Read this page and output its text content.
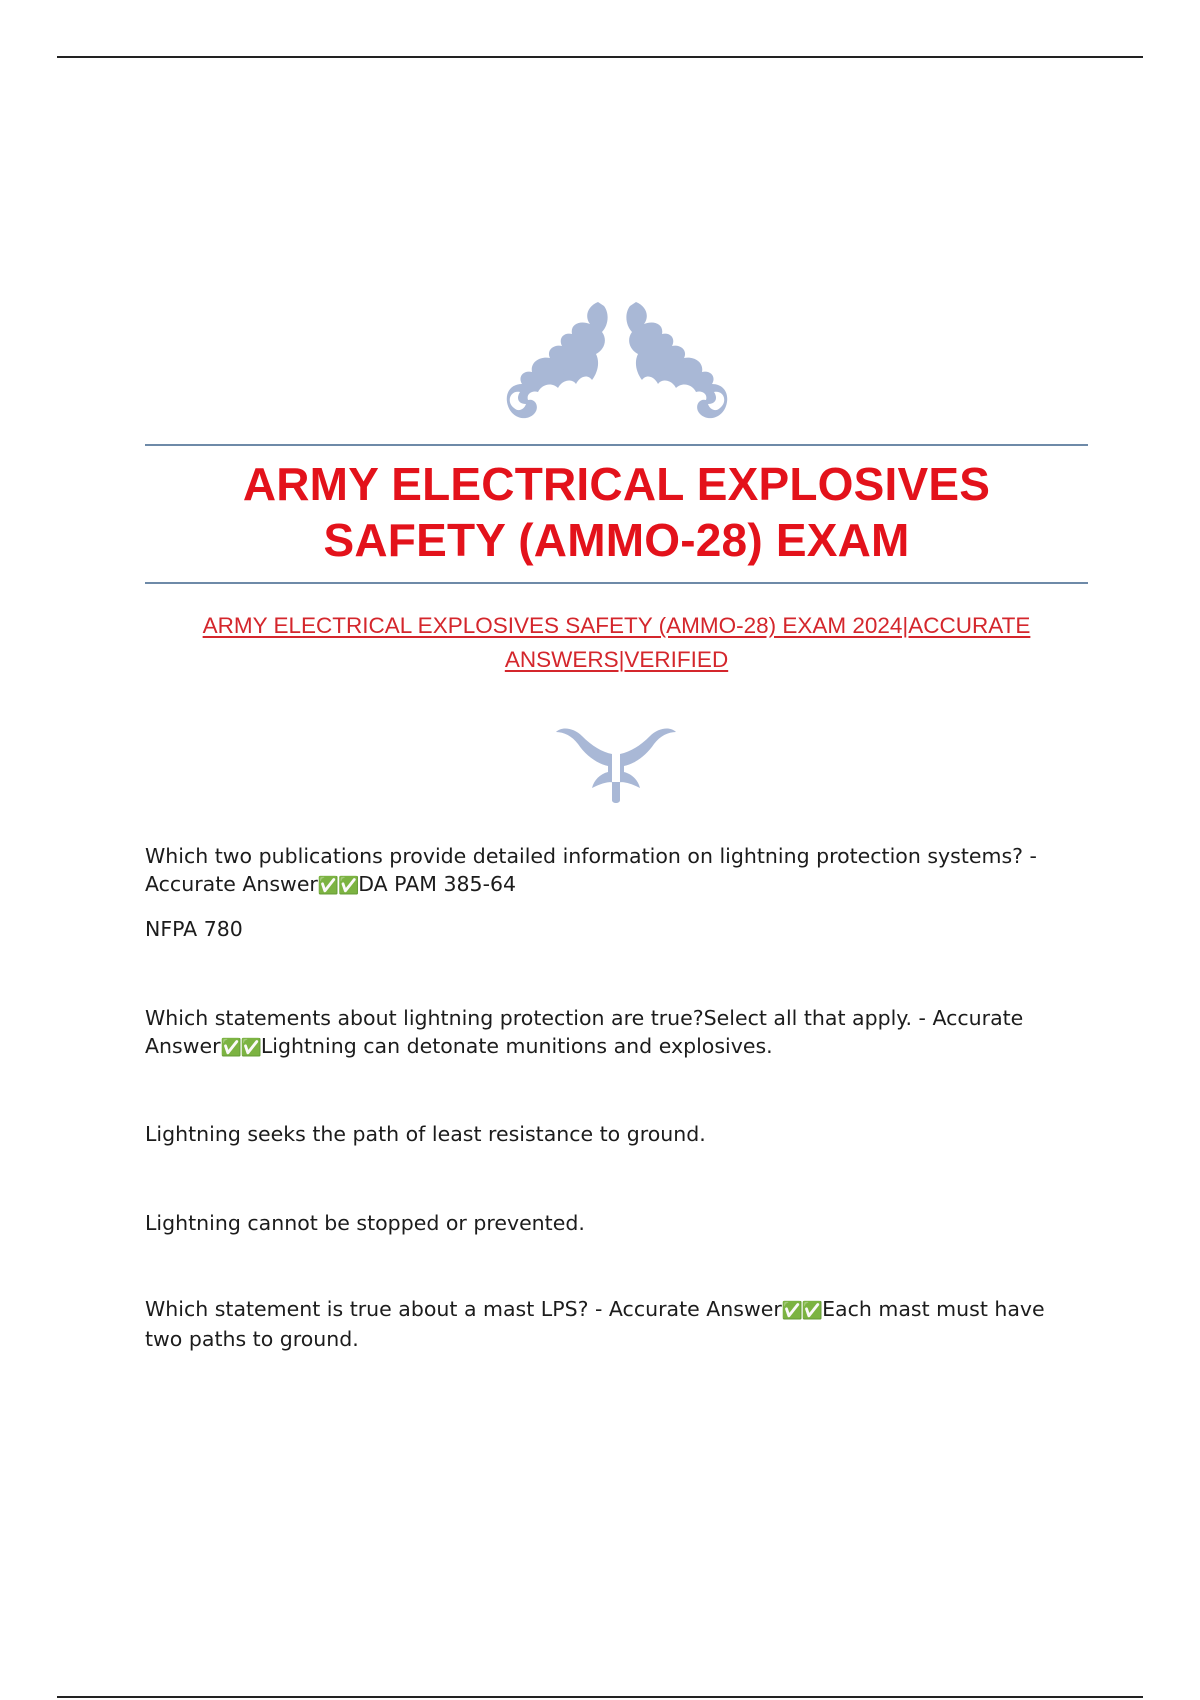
ARMY ELECTRICAL EXPLOSIVES
SAFETY (AMMO-28) EXAM

ARMY ELECTRICAL EXPLOSIVES SAFETY (AMMO-28) EXAM 2024|ACCURATE ANSWERS|VERIFIED

Which two publications provide detailed information on lightning protection systems? - Accurate Answer✅✅DA PAM 385-64

NFPA 780

Which statements about lightning protection are true?Select all that apply. - Accurate Answer✅✅Lightning can detonate munitions and explosives.

Lightning seeks the path of least resistance to ground.

Lightning cannot be stopped or prevented.

Which statement is true about a mast LPS? - Accurate Answer✅✅Each mast must have two paths to ground.
